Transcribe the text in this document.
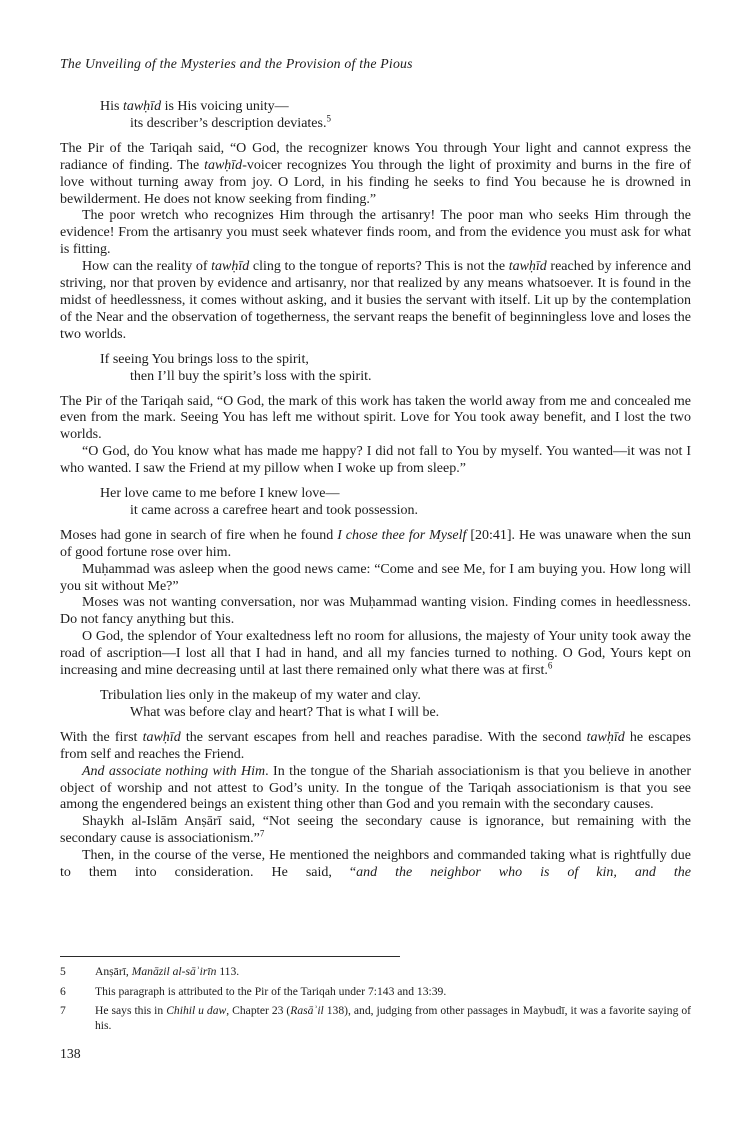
The Unveiling of the Mysteries and the Provision of the Pious
His tawḥīd is His voicing unity—
its describer’s description deviates.$^5$

The Pir of the Tariqah said, “O God, the recognizer knows You through Your light and cannot express the radiance of finding. The tawḥīd-voicer recognizes You through the light of proximity and burns in the fire of love without turning away from joy. O Lord, in his finding he seeks to find You because he is drowned in bewilderment. He does not know seeking from finding.”

The poor wretch who recognizes Him through the artisanry! The poor man who seeks Him through the evidence! From the artisanry you must seek whatever finds room, and from the evidence you must ask for what is fitting.

How can the reality of tawḥīd cling to the tongue of reports? This is not the tawḥīd reached by inference and striving, nor that proven by evidence and artisanry, nor that realized by any means whatsoever. It is found in the midst of heedlessness, it comes without asking, and it busies the servant with itself. Lit up by the contemplation of the Near and the observation of togetherness, the servant reaps the benefit of beginningless love and loses the two worlds.

If seeing You brings loss to the spirit,
then I’ll buy the spirit’s loss with the spirit.

The Pir of the Tariqah said, “O God, the mark of this work has taken the world away from me and concealed me even from the mark. Seeing You has left me without spirit. Love for You took away benefit, and I lost the two worlds.

“O God, do You know what has made me happy? I did not fall to You by myself. You wanted—it was not I who wanted. I saw the Friend at my pillow when I woke up from sleep.”

Her love came to me before I knew love—
it came across a carefree heart and took possession.

Moses had gone in search of fire when he found I chose thee for Myself [20:41]. He was unaware when the sun of good fortune rose over him.

Muḥammad was asleep when the good news came: “Come and see Me, for I am buying you. How long will you sit without Me?”

Moses was not wanting conversation, nor was Muḥammad wanting vision. Finding comes in heedlessness. Do not fancy anything but this.

O God, the splendor of Your exaltedness left no room for allusions, the majesty of Your unity took away the road of ascription—I lost all that I had in hand, and all my fancies turned to nothing. O God, Yours kept on increasing and mine decreasing until at last there remained only what there was at first.$^6$

Tribulation lies only in the makeup of my water and clay.
What was before clay and heart? That is what I will be.

With the first tawḥīd the servant escapes from hell and reaches paradise. With the second tawḥīd he escapes from self and reaches the Friend.

And associate nothing with Him. In the tongue of the Shariah associationism is that you believe in another object of worship and not attest to God’s unity. In the tongue of the Tariqah associationism is that you see among the engendered beings an existent thing other than God and you remain with the secondary causes.

Shaykh al-Islām Anṣārī said, “Not seeing the secondary cause is ignorance, but remaining with the secondary cause is associationism.”$^7$

Then, in the course of the verse, He mentioned the neighbors and commanded taking what is rightfully due to them into consideration. He said, “and the neighbor who is of kin, and the

5	Anṣārī, Manāzil al-sāʾirīn 113.
6	This paragraph is attributed to the Pir of the Tariqah under 7:143 and 13:39.
7	He says this in Chihil u daw, Chapter 23 (Rasāʾil 138), and, judging from other passages in Maybudī, it was a favorite saying of his.
138
